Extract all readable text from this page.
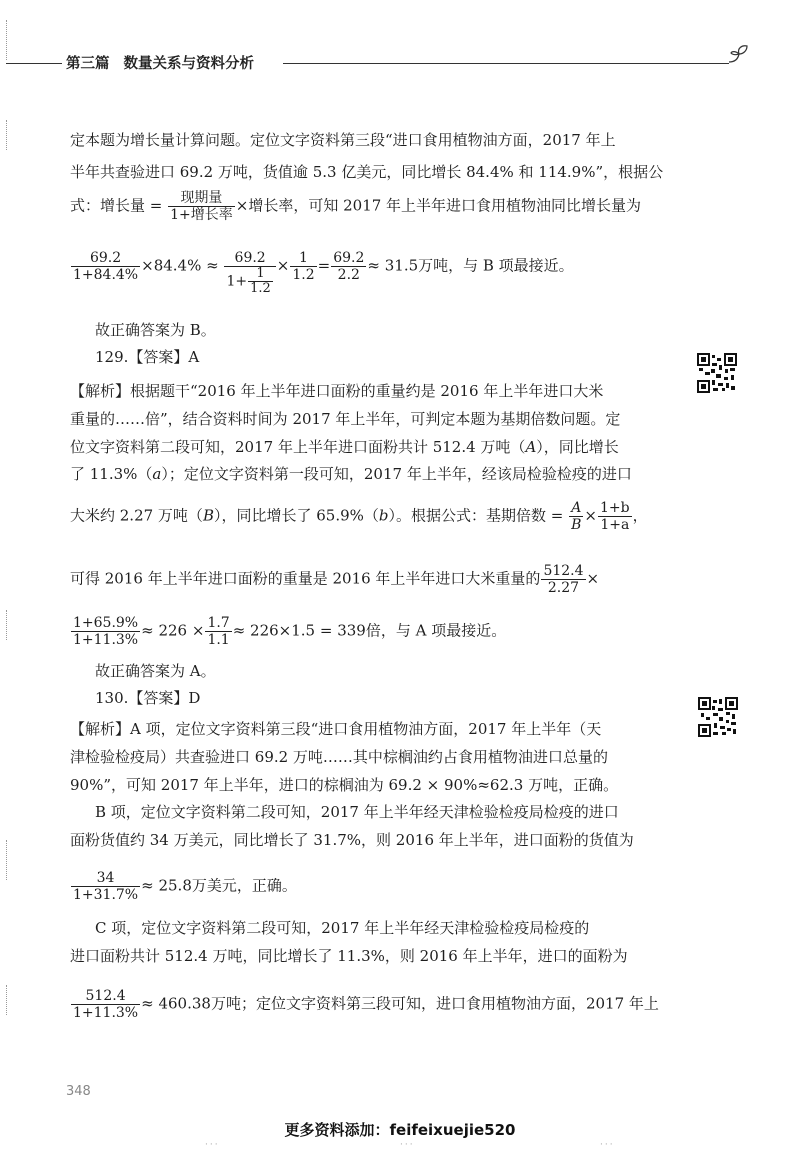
第三篇 数量关系与资料分析
定本题为增长量计算问题。定位文字资料第三段“进口食用植物油方面，2017 年上
半年共查验进口 69.2 万吨，货值逾 5.3 亿美元，同比增长 84.4% 和 114.9%”，根据公
式：增长量 = $\frac{\text{现期量}}{\text{1+增长率}}$ ×增长率，可知 2017 年上半年进口食用植物油同比增长量为
$\frac{69.2}{1+84.4\%} \times 84.4\% \approx \frac{69.2}{1+ \frac{1}{1.2}} \times \frac{1}{1.2} = \frac{69.2}{2.2} \approx 31.5$万吨，与 B 项最接近。
故正确答案为 B。
129.【答案】A
【解析】根据题干“2016 年上半年进口面粉的重量约是 2016 年上半年进口大米
重量的……倍”，结合资料时间为 2017 年上半年，可判定本题为基期倍数问题。定
位文字资料第二段可知，2017 年上半年进口面粉共计 512.4 万吨（A），同比增长
了 11.3%（a）；定位文字资料第一段可知，2017 年上半年，经该局检验检疫的进口
大米约 2.27 万吨（B），同比增长了 65.9%（b）。根据公式：基期倍数 = $\frac{A}{B} \times \frac{1+b}{1+a}$ ，
可得 2016 年上半年进口面粉的重量是 2016 年上半年进口大米重量的 $\frac{512.4}{2.27}$ ×
$\frac{1+65.9\%}{1+11.3\%} \approx 226 \times \frac{1.7}{1.1} \approx 226\times 1.5 = 339$倍，与 A 项最接近。
故正确答案为 A。
130.【答案】D
【解析】A 项，定位文字资料第三段“进口食用植物油方面，2017 年上半年（天
津检验检疫局）共查验进口 69.2 万吨……其中棕榈油约占食用植物油进口总量的
90%”，可知 2017 年上半年，进口的棕榈油为 69.2 × 90%≈62.3 万吨，正确。
B 项，定位文字资料第二段可知，2017 年上半年经天津检验检疫局检疫的进口
面粉货值约 34 万美元，同比增长了 31.7%，则 2016 年上半年，进口面粉的货值为
$\frac{34}{1+31.7\%} \approx 25.8$万美元，正确。
C 项，定位文字资料第二段可知，2017 年上半年经天津检验检疫局检疫的
进口面粉共计 512.4 万吨，同比增长了 11.3%，则 2016 年上半年，进口的面粉为
$\frac{512.4}{1+11.3\%} \approx 460.38$万吨；定位文字资料第三段可知，进口食用植物油方面，2017 年上
348
更多资料添加：feifeixuejie520
···	···	···
